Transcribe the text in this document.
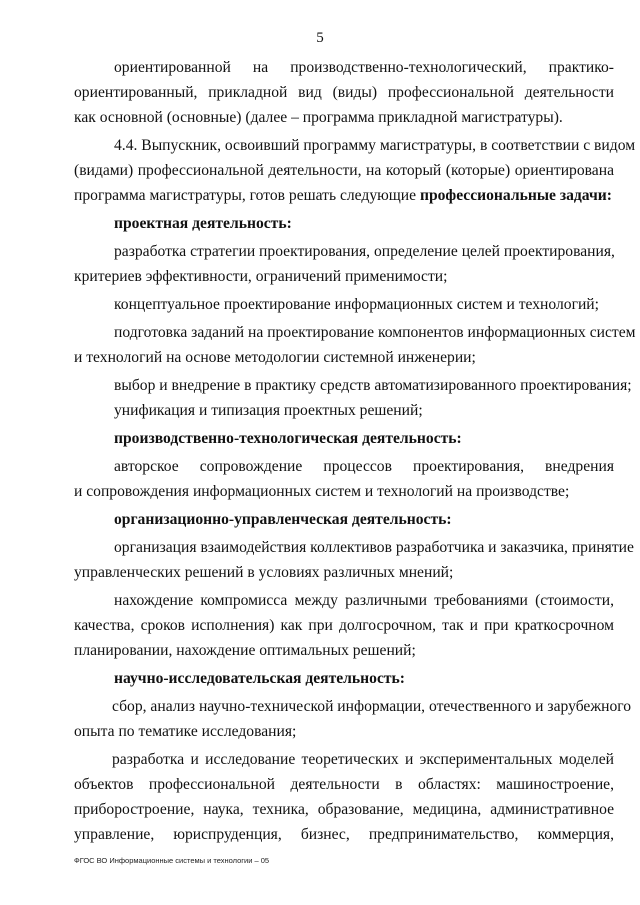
5
ориентированной на производственно-технологический, практико-
ориентированный, прикладной вид (виды) профессиональной деятельности
как основной (основные) (далее – программа прикладной магистратуры).
4.4. Выпускник, освоивший программу магистратуры, в соответствии с видом
(видами) профессиональной деятельности, на который (которые) ориентирована
программа магистратуры, готов решать следующие профессиональные задачи:
проектная деятельность:
разработка стратегии проектирования, определение целей проектирования,
критериев эффективности, ограничений применимости;
концептуальное проектирование информационных систем и технологий;
подготовка заданий на проектирование компонентов информационных систем
и технологий на основе методологии системной инженерии;
выбор и внедрение в практику средств автоматизированного проектирования;
унификация и типизация проектных решений;
производственно-технологическая деятельность:
авторское сопровождение процессов проектирования, внедрения
и сопровождения информационных систем и технологий на производстве;
организационно-управленческая деятельность:
организация взаимодействия коллективов разработчика и заказчика, принятие
управленческих решений в условиях различных мнений;
нахождение компромисса между различными требованиями (стоимости,
качества, сроков исполнения) как при долгосрочном, так и при краткосрочном
планировании, нахождение оптимальных решений;
научно-исследовательская деятельность:
сбор, анализ научно-технической информации, отечественного и зарубежного
опыта по тематике исследования;
разработка и исследование теоретических и экспериментальных моделей
объектов профессиональной деятельности в областях: машиностроение,
приборостроение, наука, техника, образование, медицина, административное
управление, юриспруденция, бизнес, предпринимательство, коммерция,
ФГОС ВО Информационные системы и технологии – 05
